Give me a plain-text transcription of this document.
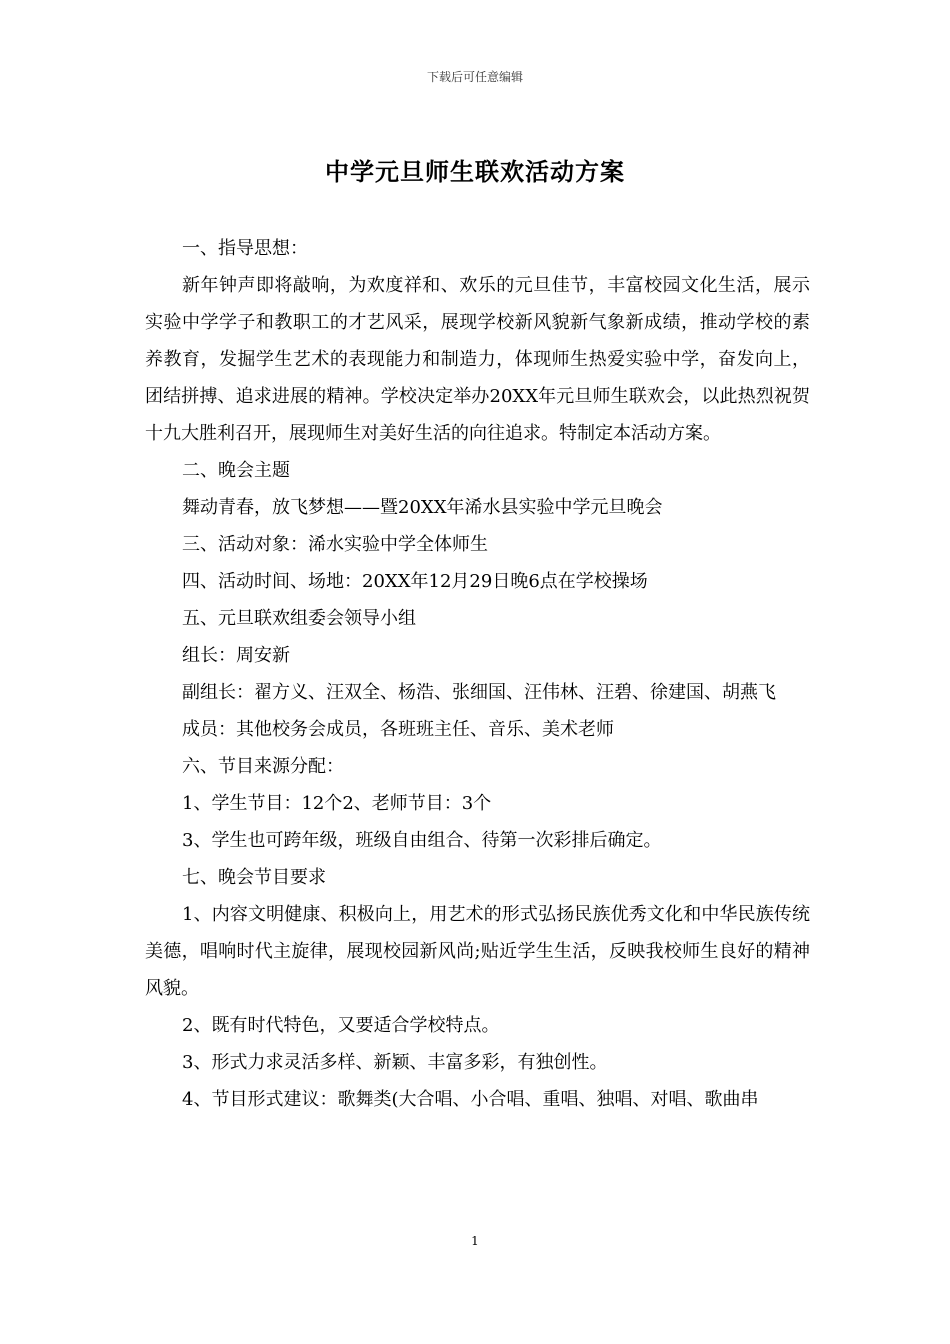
下载后可任意编辑
中学元旦师生联欢活动方案

一、指导思想：

新年钟声即将敲响，为欢度祥和、欢乐的元旦佳节，丰富校园文化生活，展示实验中学学子和教职工的才艺风采，展现学校新风貌新气象新成绩，推动学校的素养教育，发掘学生艺术的表现能力和制造力，体现师生热爱实验中学，奋发向上，团结拼搏、追求进展的精神。学校决定举办20XX年元旦师生联欢会，以此热烈祝贺十九大胜利召开，展现师生对美好生活的向往追求。特制定本活动方案。

二、晚会主题

舞动青春，放飞梦想——暨20XX年浠水县实验中学元旦晚会

三、活动对象：浠水实验中学全体师生

四、活动时间、场地：20XX年12月29日晚6点在学校操场

五、元旦联欢组委会领导小组

组长：周安新

副组长：翟方义、汪双全、杨浩、张细国、汪伟林、汪碧、徐建国、胡燕飞

成员：其他校务会成员，各班班主任、音乐、美术老师

六、节目来源分配：

1、学生节目：12个2、老师节目：3个

3、学生也可跨年级，班级自由组合、待第一次彩排后确定。

七、晚会节目要求

1、内容文明健康、积极向上，用艺术的形式弘扬民族优秀文化和中华民族传统美德，唱响时代主旋律，展现校园新风尚;贴近学生生活，反映我校师生良好的精神风貌。

2、既有时代特色，又要适合学校特点。

3、形式力求灵活多样、新颖、丰富多彩，有独创性。

4、节目形式建议：歌舞类(大合唱、小合唱、重唱、独唱、对唱、歌曲串

1
